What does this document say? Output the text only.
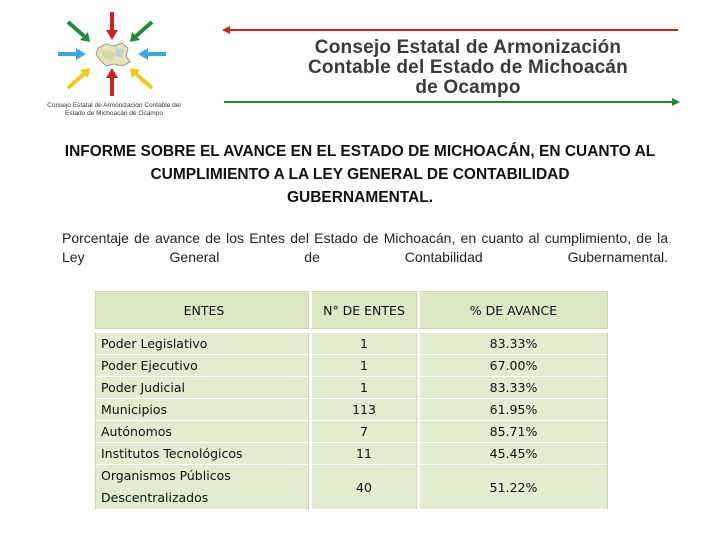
Consejo Estatal de Armonización Contable del Estado de Michoacán de Ocampo
Consejo Estatal de Armonización
Contable del Estado de Michoacán
de Ocampo
INFORME SOBRE EL AVANCE EN EL ESTADO DE MICHOACÁN, EN CUANTO AL
CUMPLIMIENTO A LA LEY GENERAL DE CONTABILIDAD
GUBERNAMENTAL.
Porcentaje de avance de los Entes del Estado de Michoacán, en cuanto al cumplimiento, de la Ley General de Contabilidad Gubernamental.
ENTES	N° DE ENTES	% DE AVANCE

Poder Legislativo	1	83.33%
Poder Ejecutivo	1	67.00%
Poder Judicial	1	83.33%
Municipios	113	61.95%
Autónomos	7	85.71%
Institutos Tecnológicos	11	45.45%

Organismos Públicos
Descentralizados	40	51.22%
